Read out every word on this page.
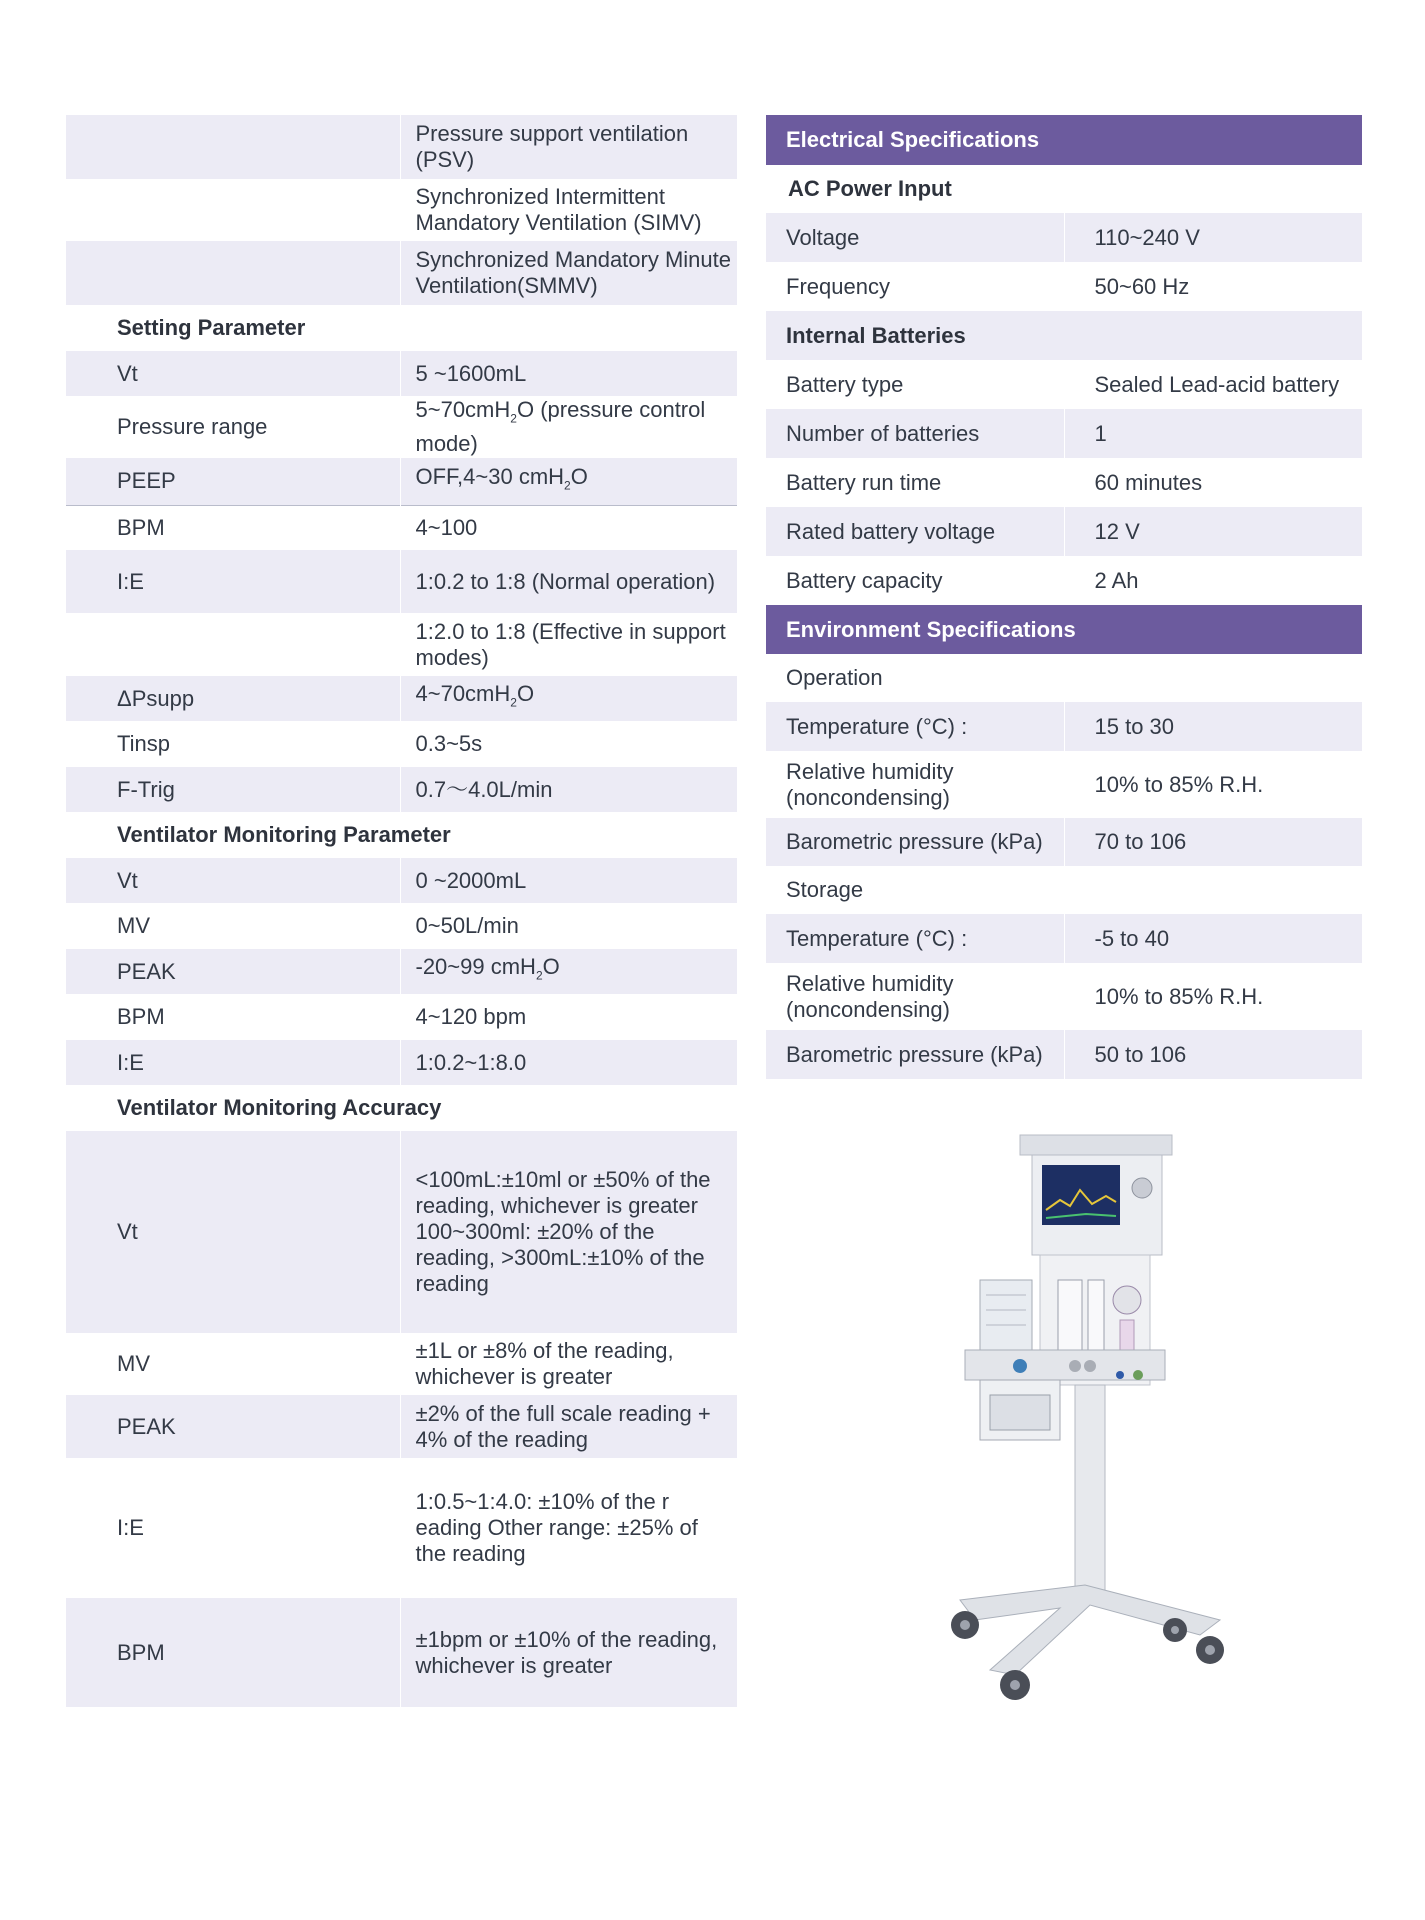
	Pressure support ventilation (PSV)
	Synchronized Intermittent Mandatory Ventilation (SIMV)
	Synchronized Mandatory Minute Ventilation(SMMV)
Setting Parameter	
Vt	5 ~1600mL
Pressure range	5~70cmH$_2$O (pressure control mode)
PEEP	OFF,4~30 cmH$_2$O
BPM	4~100
I:E	1:0.2 to 1:8 (Normal operation)
	1:2.0 to 1:8 (Effective in support modes)
ΔPsupp	4~70cmH$_2$O
Tinsp	0.3~5s
F-Trig	0.7～4.0L/min
Ventilator Monitoring Parameter	
Vt	0 ~2000mL
MV	0~50L/min
PEAK	-20~99 cmH$_2$O
BPM	4~120 bpm
I:E	1:0.2~1:8.0
Ventilator Monitoring Accuracy	
Vt	<100mL:±10ml or ±50% of the reading, whichever is greater 100~300ml: ±20% of the reading, >300mL:±10% of the reading
MV	±1L or ±8% of the reading, whichever is greater
PEAK	±2% of the full scale reading + 4% of the reading
I:E	1:0.5~1:4.0: ±10% of the r eading Other range: ±25% of the reading
BPM	±1bpm or ±10% of the reading, whichever is greater
Electrical Specifications	
AC Power Input	
Voltage	110~240 V
Frequency	50~60 Hz
Internal Batteries	
Battery type	Sealed Lead-acid battery
Number of batteries	1
Battery run time	60 minutes
Rated battery voltage	12 V
Battery capacity	2 Ah
Environment Specifications	
Operation	
Temperature (°C) :	15 to 30
Relative humidity (noncondensing)	10% to 85% R.H.
Barometric pressure (kPa)	70 to 106
Storage	
Temperature (°C) :	-5 to 40
Relative humidity (noncondensing)	10% to 85% R.H.
Barometric pressure (kPa)	50 to 106
